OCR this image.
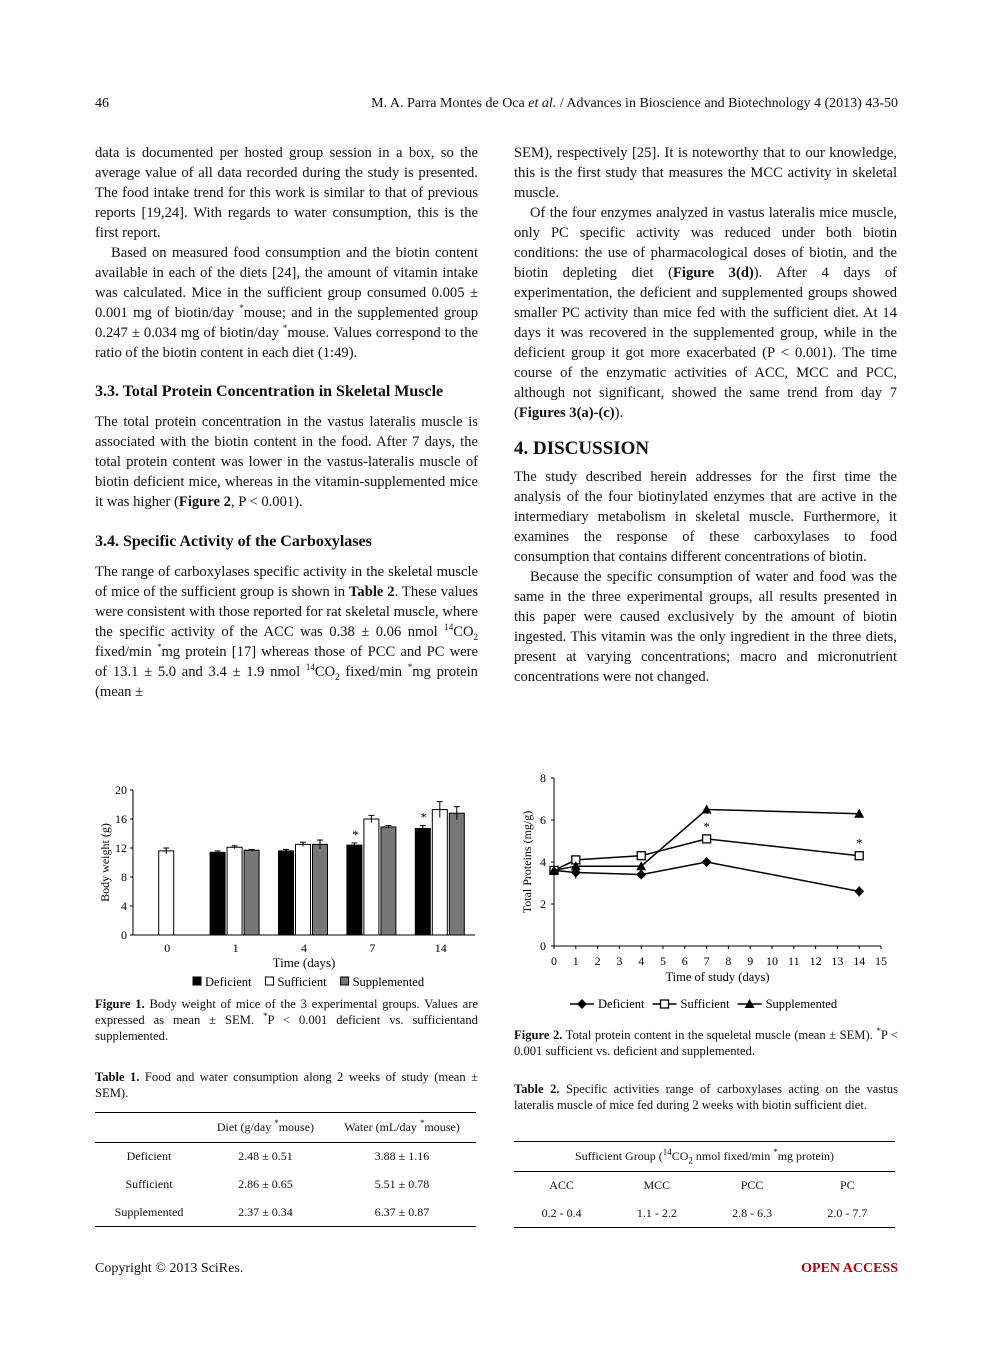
46	M. A. Parra Montes de Oca et al. / Advances in Bioscience and Biotechnology 4 (2013) 43-50

data is documented per hosted group session in a box, so the average value of all data recorded during the study is presented. The food intake trend for this work is similar to that of previous reports [19,24]. With regards to water consumption, this is the first report.

Based on measured food consumption and the biotin content available in each of the diets [24], the amount of vitamin intake was calculated. Mice in the sufficient group consumed 0.005 ± 0.001 mg of biotin/day *mouse; and in the supplemented group 0.247 ± 0.034 mg of biotin/day *mouse. Values correspond to the ratio of the biotin content in each diet (1:49).

3.3. Total Protein Concentration in Skeletal Muscle

The total protein concentration in the vastus lateralis muscle is associated with the biotin content in the food. After 7 days, the total protein content was lower in the vastus-lateralis muscle of biotin deficient mice, whereas in the vitamin-supplemented mice it was higher (Figure 2, P < 0.001).

3.4. Specific Activity of the Carboxylases

The range of carboxylases specific activity in the skeletal muscle of mice of the sufficient group is shown in Table 2. These values were consistent with those reported for rat skeletal muscle, where the specific activity of the ACC was 0.38 ± 0.06 nmol $^{14}CO_2$ fixed/min *mg protein [17] whereas those of PCC and PC were of 13.1 ± 5.0 and 3.4 ± 1.9 nmol $^{14}CO_2$ fixed/min *mg protein (mean ±

SEM), respectively [25]. It is noteworthy that to our knowledge, this is the first study that measures the MCC activity in skeletal muscle.

Of the four enzymes analyzed in vastus lateralis mice muscle, only PC specific activity was reduced under both biotin conditions: the use of pharmacological doses of biotin, and the biotin depleting diet (Figure 3(d)). After 4 days of experimentation, the deficient and supplemented groups showed smaller PC activity than mice fed with the sufficient diet. At 14 days it was recovered in the supplemented group, while in the deficient group it got more exacerbated (P < 0.001). The time course of the enzymatic activities of ACC, MCC and PCC, although not significant, showed the same trend from day 7 (Figures 3(a)-(c)).

4. DISCUSSION

The study described herein addresses for the first time the analysis of the four biotinylated enzymes that are active in the intermediary metabolism in skeletal muscle. Furthermore, it examines the response of these carboxylases to food consumption that contains different concentrations of biotin.

Because the specific consumption of water and food was the same in the three experimental groups, all results presented in this paper were caused exclusively by the amount of biotin ingested. This vitamin was the only ingredient in the three diets, present at varying concentrations; macro and micronutrient concentrations were not changed.

0
4
8
12
16
20
Body weight (g)
0	1	4	7
*
14
*
Time (days)
Deficient Sufficient Supplemented
Figure 1. Body weight of mice of the 3 experimental groups. Values are expressed as mean ± SEM. *P < 0.001 deficient vs. sufficientand supplemented.
Table 1. Food and water consumption along 2 weeks of study (mean ± SEM).
	Diet (g/day *mouse)	Water (mL/day *mouse)
Deficient	2.48 ± 0.51	3.88 ± 1.16
Sufficient	2.86 ± 0.65	5.51 ± 0.78
Supplemented	2.37 ± 0.34	6.37 ± 0.87
0
2
4
6
8
0 1 2 3 4 5 6 7 8 9 10 11 12 13 14 15
Total Proteins (mg/g)
Time of study (days)
*
*
Deficient	Sufficient	Supplemented
Figure 2. Total protein content in the squeletal muscle (mean ± SEM). *P < 0.001 sufficient vs. deficient and supplemented.
Table 2. Specific activities range of carboxylases acting on the vastus lateralis muscle of mice fed during 2 weeks with biotin sufficient diet.
Sufficient Group ($^{14}CO_2$ nmol fixed/min *mg protein)			
ACC	MCC	PCC	PC
0.2 - 0.4	1.1 - 2.2	2.8 - 6.3	2.0 - 7.7
Copyright © 2013 SciRes.	OPEN ACCESS
